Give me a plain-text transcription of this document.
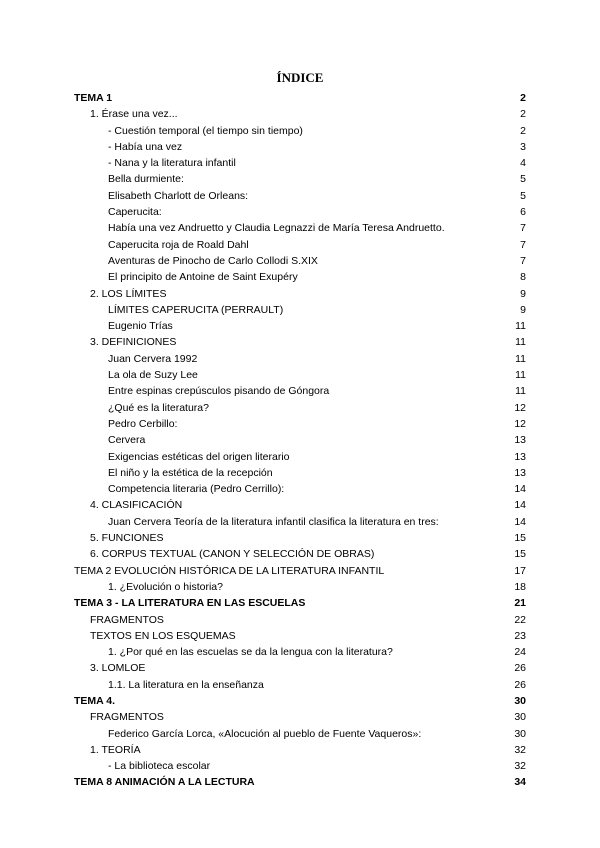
ÍNDICE
TEMA 1	2
1. Érase una vez...	2
- Cuestión temporal (el tiempo sin tiempo)	2
- Había una vez	3
- Nana y la literatura infantil	4
Bella durmiente:	5
Elisabeth Charlott de Orleans:	5
Caperucita:	6
Había una vez Andruetto y Claudia Legnazzi de María Teresa Andruetto.	7
Caperucita roja de Roald Dahl	7
Aventuras de Pinocho de Carlo Collodi S.XIX	7
El principito de Antoine de Saint Exupéry	8
2. LOS LÍMITES	9
LÍMITES CAPERUCITA (PERRAULT)	9
Eugenio Trías	11
3. DEFINICIONES	11
Juan Cervera 1992	11
La ola de Suzy Lee	11
Entre espinas crepúsculos pisando de Góngora	11
¿Qué es la literatura?	12
Pedro Cerbillo:	12
Cervera	13
Exigencias estéticas del origen literario	13
El niño y la estética de la recepción	13
Competencia literaria (Pedro Cerrillo):	14
4. CLASIFICACIÓN	14
Juan Cervera Teoría de la literatura infantil clasifica la literatura en tres:	14
5. FUNCIONES	15
6. CORPUS TEXTUAL (CANON Y SELECCIÓN DE OBRAS)	15
TEMA 2 EVOLUCIÓN HISTÓRICA DE LA LITERATURA INFANTIL	17
1. ¿Evolución o historia?	18
TEMA 3 - LA LITERATURA EN LAS ESCUELAS	21
FRAGMENTOS	22
TEXTOS EN LOS ESQUEMAS	23
1. ¿Por qué en las escuelas se da la lengua con la literatura?	24
3. LOMLOE	26
1.1. La literatura en la enseñanza	26
TEMA 4.	30
FRAGMENTOS	30
Federico García Lorca, «Alocución al pueblo de Fuente Vaqueros»:	30
1. TEORÍA	32
- La biblioteca escolar	32
TEMA 8 ANIMACIÓN A LA LECTURA	34
